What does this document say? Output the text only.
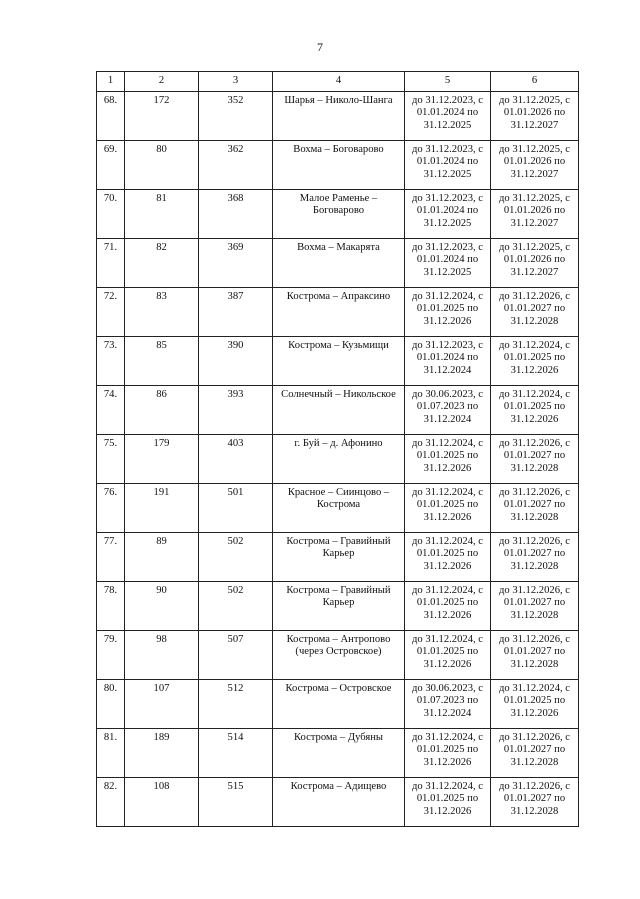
7
1	2	3	4	5	6

68.	172	352	Шарья – Николо-Шанга	до 31.12.2023, с 01.01.2024 по 31.12.2025	до 31.12.2025, с 01.01.2026 по 31.12.2027

69.	80	362	Вохма – Боговарово	до 31.12.2023, с 01.01.2024 по 31.12.2025	до 31.12.2025, с 01.01.2026 по 31.12.2027

70.	81	368	Малое Раменье – Боговарово	до 31.12.2023, с 01.01.2024 по 31.12.2025	до 31.12.2025, с 01.01.2026 по 31.12.2027

71.	82	369	Вохма – Макарята	до 31.12.2023, с 01.01.2024 по 31.12.2025	до 31.12.2025, с 01.01.2026 по 31.12.2027

72.	83	387	Кострома – Апраксино	до 31.12.2024, с 01.01.2025 по 31.12.2026	до 31.12.2026, с 01.01.2027 по 31.12.2028

73.	85	390	Кострома – Кузьмищи	до 31.12.2023, с 01.01.2024 по 31.12.2024	до 31.12.2024, с 01.01.2025 по 31.12.2026

74.	86	393	Солнечный – Никольское	до 30.06.2023, с 01.07.2023 по 31.12.2024	до 31.12.2024, с 01.01.2025 по 31.12.2026

75.	179	403	г. Буй – д. Афонино	до 31.12.2024, с 01.01.2025 по 31.12.2026	до 31.12.2026, с 01.01.2027 по 31.12.2028

76.	191	501	Красное – Сиинцово – Кострома	до 31.12.2024, с 01.01.2025 по 31.12.2026	до 31.12.2026, с 01.01.2027 по 31.12.2028

77.	89	502	Кострома – Гравийный Карьер	до 31.12.2024, с 01.01.2025 по 31.12.2026	до 31.12.2026, с 01.01.2027 по 31.12.2028

78.	90	502	Кострома – Гравийный Карьер	до 31.12.2024, с 01.01.2025 по 31.12.2026	до 31.12.2026, с 01.01.2027 по 31.12.2028

79.	98	507	Кострома – Антропово (через Островское)	до 31.12.2024, с 01.01.2025 по 31.12.2026	до 31.12.2026, с 01.01.2027 по 31.12.2028

80.	107	512	Кострома – Островское	до 30.06.2023, с 01.07.2023 по 31.12.2024	до 31.12.2024, с 01.01.2025 по 31.12.2026

81.	189	514	Кострома – Дубяны	до 31.12.2024, с 01.01.2025 по 31.12.2026	до 31.12.2026, с 01.01.2027 по 31.12.2028

82.	108	515	Кострома – Адищево	до 31.12.2024, с 01.01.2025 по 31.12.2026	до 31.12.2026, с 01.01.2027 по 31.12.2028
